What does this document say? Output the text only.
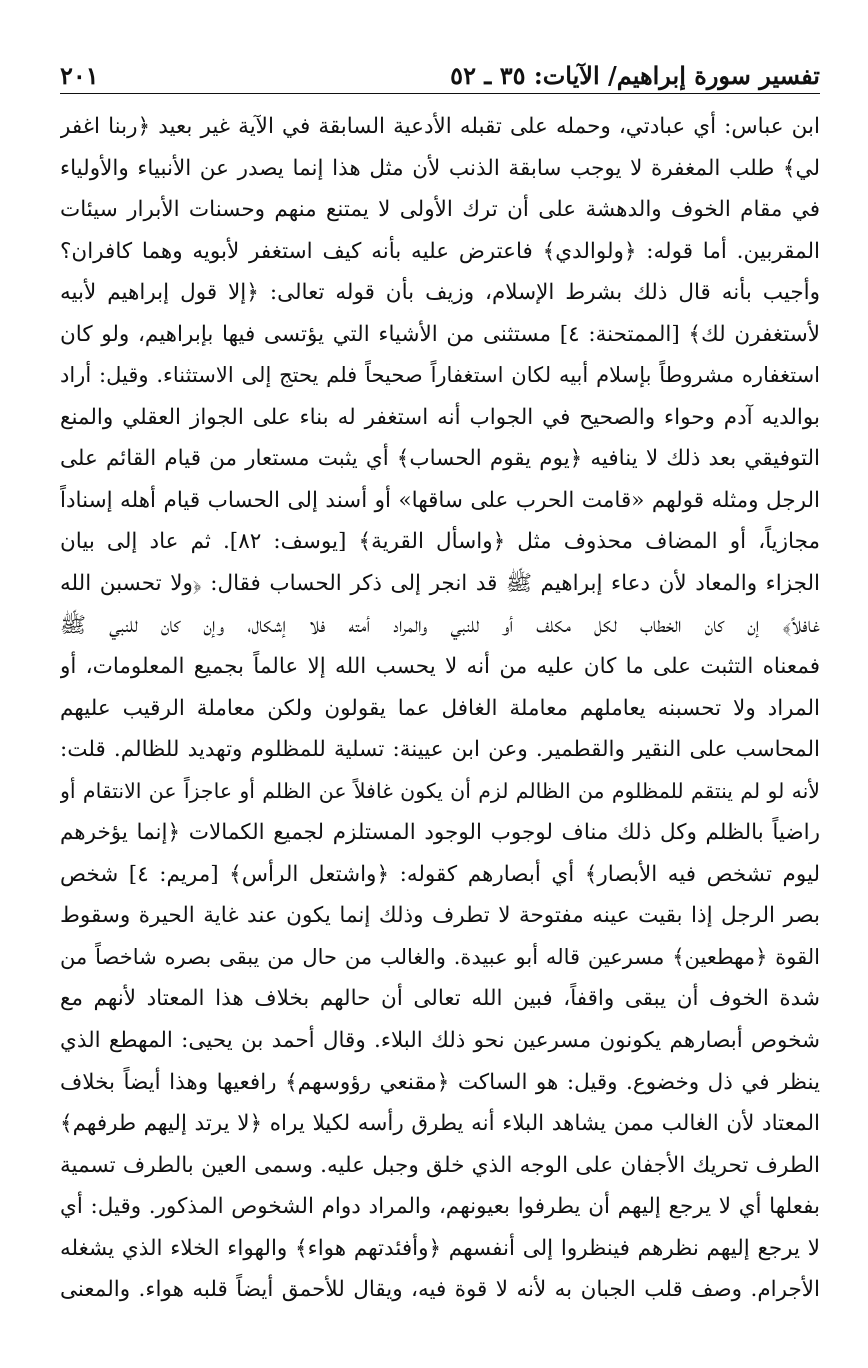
تفسير سورة إبراهيم/ الآيات: ٣٥ ـ ٥٢
٢٠١
ابن عباس: أي عبادتي، وحمله على تقبله الأدعية السابقة في الآية غير بعيد ﴿ربنا اغفر
لي﴾ طلب المغفرة لا يوجب سابقة الذنب لأن مثل هذا إنما يصدر عن الأنبياء والأولياء
في مقام الخوف والدهشة على أن ترك الأولى لا يمتنع منهم وحسنات الأبرار سيئات
المقربين. أما قوله: ﴿ولوالدي﴾ فاعترض عليه بأنه كيف استغفر لأبويه وهما كافران؟
وأجيب بأنه قال ذلك بشرط الإسلام، وزيف بأن قوله تعالى: ﴿إلا قول إبراهيم لأبيه
لأستغفرن لك﴾ [الممتحنة: ٤] مستثنى من الأشياء التي يؤتسى فيها بإبراهيم، ولو كان
استغفاره مشروطاً بإسلام أبيه لكان استغفاراً صحيحاً فلم يحتج إلى الاستثناء. وقيل: أراد
بوالديه آدم وحواء والصحيح في الجواب أنه استغفر له بناء على الجواز العقلي والمنع
التوفيقي بعد ذلك لا ينافيه ﴿يوم يقوم الحساب﴾ أي يثبت مستعار من قيام القائم على
الرجل ومثله قولهم «قامت الحرب على ساقها» أو أسند إلى الحساب قيام أهله إسناداً
مجازياً، أو المضاف محذوف مثل ﴿واسأل القرية﴾ [يوسف: ٨٢]. ثم عاد إلى بيان
الجزاء والمعاد لأن دعاء إبراهيم ﷺ قد انجر إلى ذكر الحساب فقال: ﴿ولا تحسبن الله
غافلاً﴾ إن كان الخطاب لكل مكلف أو للنبي والمراد أمته فلا إشكال، وإن كان للنبي ﷺ
فمعناه التثبت على ما كان عليه من أنه لا يحسب الله إلا عالماً بجميع المعلومات، أو
المراد ولا تحسبنه يعاملهم معاملة الغافل عما يقولون ولكن معاملة الرقيب عليهم
المحاسب على النقير والقطمير. وعن ابن عيينة: تسلية للمظلوم وتهديد للظالم. قلت:
لأنه لو لم ينتقم للمظلوم من الظالم لزم أن يكون غافلاً عن الظلم أو عاجزاً عن الانتقام أو
راضياً بالظلم وكل ذلك مناف لوجوب الوجود المستلزم لجميع الكمالات ﴿إنما يؤخرهم
ليوم تشخص فيه الأبصار﴾ أي أبصارهم كقوله: ﴿واشتعل الرأس﴾ [مريم: ٤] شخص
بصر الرجل إذا بقيت عينه مفتوحة لا تطرف وذلك إنما يكون عند غاية الحيرة وسقوط
القوة ﴿مهطعين﴾ مسرعين قاله أبو عبيدة. والغالب من حال من يبقى بصره شاخصاً من
شدة الخوف أن يبقى واقفاً، فبين الله تعالى أن حالهم بخلاف هذا المعتاد لأنهم مع
شخوص أبصارهم يكونون مسرعين نحو ذلك البلاء. وقال أحمد بن يحيى: المهطع الذي
ينظر في ذل وخضوع. وقيل: هو الساكت ﴿مقنعي رؤوسهم﴾ رافعيها وهذا أيضاً بخلاف
المعتاد لأن الغالب ممن يشاهد البلاء أنه يطرق رأسه لكيلا يراه ﴿لا يرتد إليهم طرفهم﴾
الطرف تحريك الأجفان على الوجه الذي خلق وجبل عليه. وسمى العين بالطرف تسمية
بفعلها أي لا يرجع إليهم أن يطرفوا بعيونهم، والمراد دوام الشخوص المذكور. وقيل: أي
لا يرجع إليهم نظرهم فينظروا إلى أنفسهم ﴿وأفئدتهم هواء﴾ والهواء الخلاء الذي يشغله
الأجرام. وصف قلب الجبان به لأنه لا قوة فيه، ويقال للأحمق أيضاً قلبه هواء. والمعنى
